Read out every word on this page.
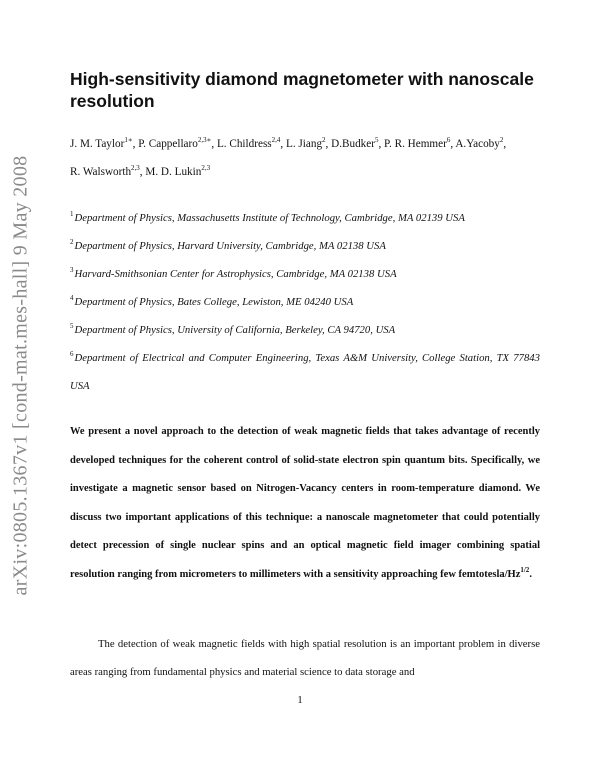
arXiv:0805.1367v1 [cond-mat.mes-hall] 9 May 2008
High-sensitivity diamond magnetometer with nanoscale resolution
J. M. Taylor$^{1∗}$, P. Cappellaro$^{2,3∗}$, L. Childress$^{2,4}$, L. Jiang$^2$, D.Budker$^5$, P. R. Hemmer$^6$, A.Yacoby$^2$,
R. Walsworth$^{2,3}$, M. D. Lukin$^{2,3}$
$^1$Department of Physics, Massachusetts Institute of Technology, Cambridge, MA 02139 USA
$^2$Department of Physics, Harvard University, Cambridge, MA 02138 USA
$^3$Harvard-Smithsonian Center for Astrophysics, Cambridge, MA 02138 USA
$^4$Department of Physics, Bates College, Lewiston, ME 04240 USA
$^5$Department of Physics, University of California, Berkeley, CA 94720, USA
$^6$Department of Electrical and Computer Engineering, Texas A&M University, College Station, TX 77843 USA

We present a novel approach to the detection of weak magnetic fields that takes advantage of recently developed techniques for the coherent control of solid-state electron spin quantum bits. Specifically, we investigate a magnetic sensor based on Nitrogen-Vacancy centers in room-temperature diamond. We discuss two important applications of this technique: a nanoscale magnetometer that could potentially detect precession of single nuclear spins and an optical magnetic field imager combining spatial resolution ranging from micrometers to millimeters with a sensitivity approaching few femtotesla/$Hz^{1/2}$.

The detection of weak magnetic fields with high spatial resolution is an important problem in diverse areas ranging from fundamental physics and material science to data storage and

1
